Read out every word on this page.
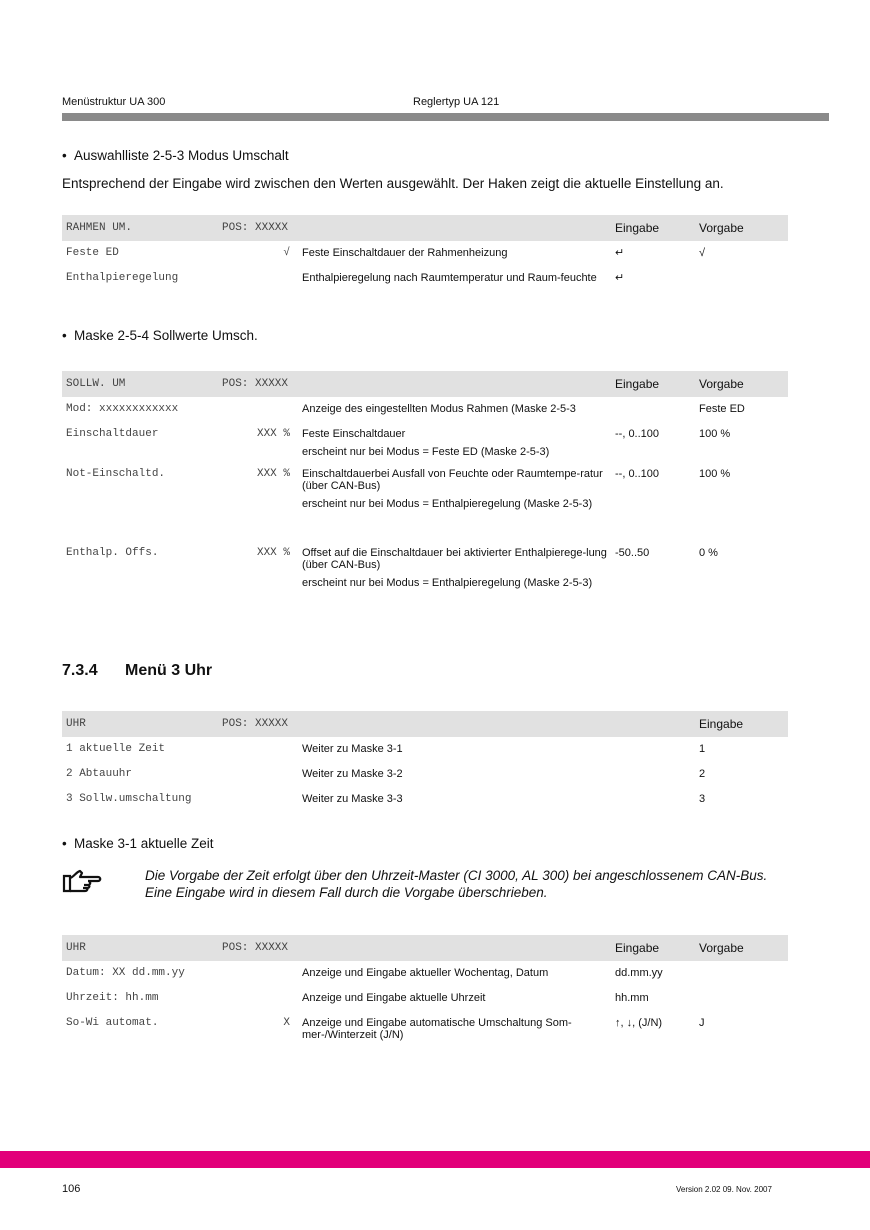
Menüstruktur UA 300	Reglertyp UA 121
• Auswahlliste 2-5-3 Modus Umschalt
Entsprechend der Eingabe wird zwischen den Werten ausgewählt. Der Haken zeigt die aktuelle Einstellung an.
RAHMEN UM.	POS: XXXXX		Eingabe	Vorgabe
Feste ED	√	Feste Einschaltdauer der Rahmenheizung	↵	√
Enthalpieregelung		Enthalpieregelung nach Raumtemperatur und Raum-feuchte	↵	
• Maske 2-5-4 Sollwerte Umsch.
SOLLW. UM	POS: XXXXX		Eingabe	Vorgabe
Mod: xxxxxxxxxxxx		Anzeige des eingestellten Modus Rahmen (Maske 2-5-3		Feste ED
Einschaltdauer	XXX %	Feste Einschaltdauer
erscheint nur bei Modus = Feste ED (Maske 2-5-3)	--, 0..100	100 %
Not-Einschaltd.	XXX %	Einschaltdauerbei Ausfall von Feuchte oder Raumtempe-ratur (über CAN-Bus)
erscheint nur bei Modus = Enthalpieregelung (Maske 2-5-3)	--, 0..100	100 %
Enthalp. Offs.	XXX %	Offset auf die Einschaltdauer bei aktivierter Enthalpierege-lung (über CAN-Bus)
erscheint nur bei Modus = Enthalpieregelung (Maske 2-5-3)	-50..50	0 %
7.3.4 Menü 3 Uhr
UHR	POS: XXXXX			Eingabe
1 aktuelle Zeit		Weiter zu Maske 3-1		1
2 Abtauuhr		Weiter zu Maske 3-2		2
3 Sollw.umschaltung		Weiter zu Maske 3-3		3
• Maske 3-1 aktuelle Zeit
Die Vorgabe der Zeit erfolgt über den Uhrzeit-Master (CI 3000, AL 300) bei angeschlossenem CAN-Bus. Eine Eingabe wird in diesem Fall durch die Vorgabe überschrieben.
UHR	POS: XXXXX		Eingabe	Vorgabe
Datum: XX dd.mm.yy		Anzeige und Eingabe aktueller Wochentag, Datum	dd.mm.yy	
Uhrzeit: hh.mm		Anzeige und Eingabe aktuelle Uhrzeit	hh.mm	
So-Wi automat.	X	Anzeige und Eingabe automatische Umschaltung Som-mer-/Winterzeit (J/N)	↑, ↓, (J/N)	J
106	Version 2.02 09. Nov. 2007
